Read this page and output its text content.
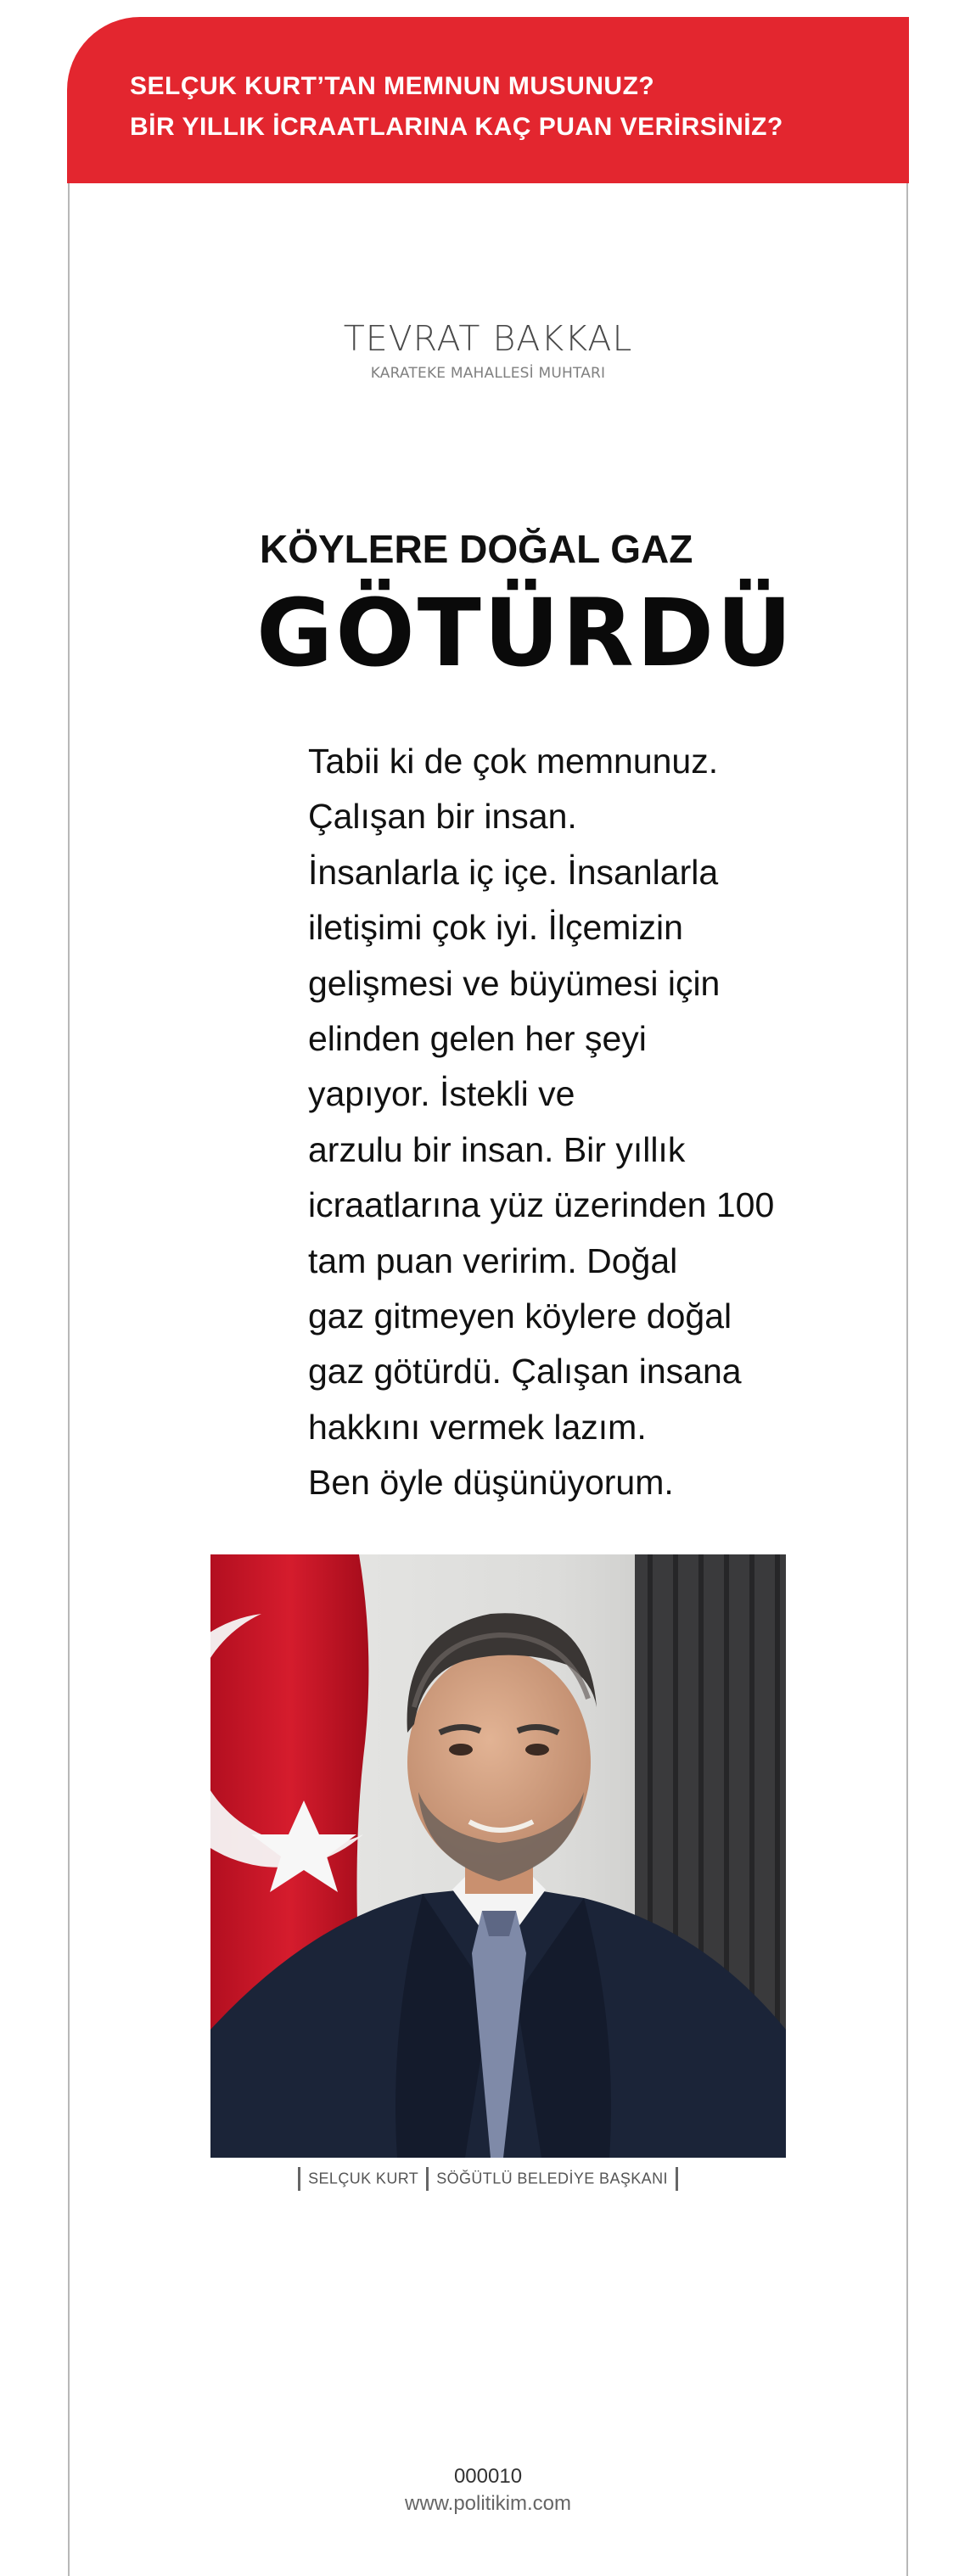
SELÇUK KURT’TAN MEMNUN MUSUNUZ?
BİR YILLIK İCRAATLARINA KAÇ PUAN VERİRSİNİZ?
TEVRAT BAKKAL
KARATEKE MAHALLESİ MUHTARI
KÖYLERE DOĞAL GAZ
GÖTÜRDÜ
Tabii ki de çok memnunuz.
Çalışan bir insan.
İnsanlarla iç içe. İnsanlarla
iletişimi çok iyi. İlçemizin
gelişmesi ve büyümesi için
elinden gelen her şeyi
yapıyor. İstekli ve
arzulu bir insan. Bir yıllık
icraatlarına yüz üzerinden 100
tam puan veririm. Doğal
gaz gitmeyen köylere doğal
gaz götürdü. Çalışan insana
hakkını vermek lazım.
Ben öyle düşünüyorum.
SELÇUK KURT SÖĞÜTLÜ BELEDİYE BAŞKANI
000010
www.politikim.com
